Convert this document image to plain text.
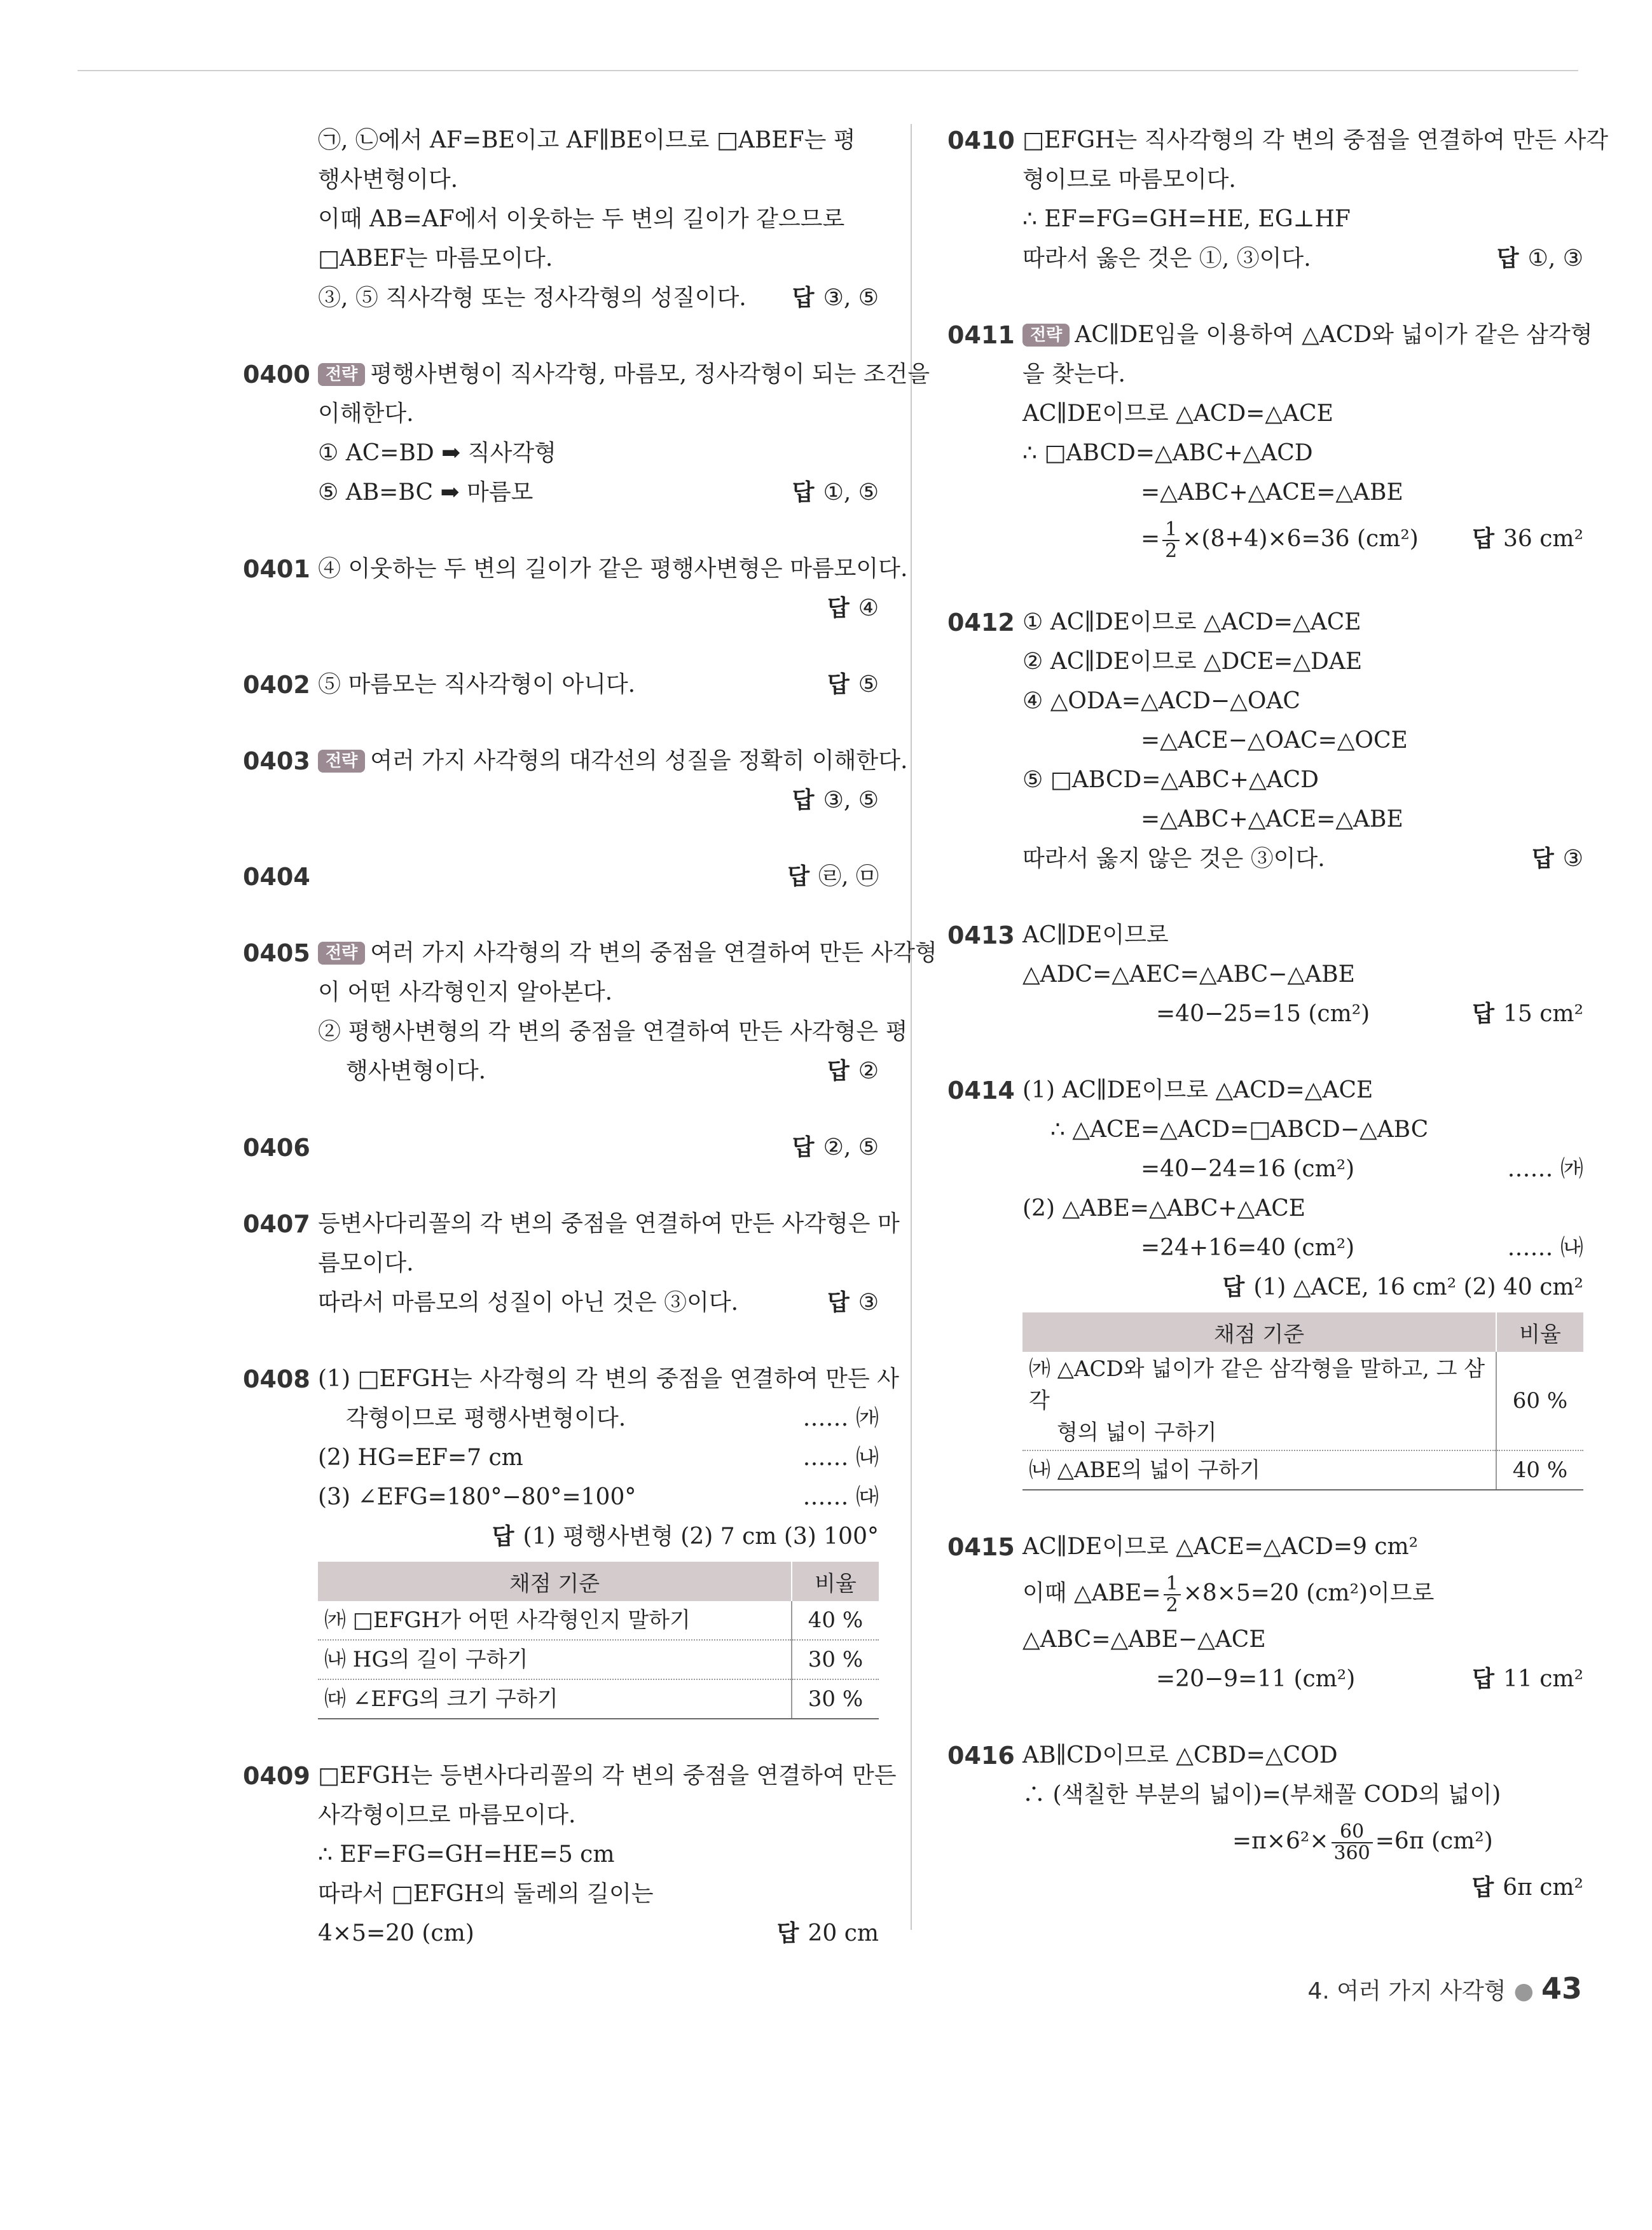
㉠, ㉡에서 AF=BE이고 AF∥BE이므로 □ABEF는 평
행사변형이다.
이때 AB=AF에서 이웃하는 두 변의 길이가 같으므로
□ABEF는 마름모이다.
③, ⑤ 직사각형 또는 정사각형의 성질이다. 답 ③, ⑤
0400 전략 평행사변형이 직사각형, 마름모, 정사각형이 되는 조건을
이해한다.
① AC=BD ➡ 직사각형
⑤ AB=BC ➡ 마름모	답 ①, ⑤
0401 ④ 이웃하는 두 변의 길이가 같은 평행사변형은 마름모이다.
답 ④
0402 ⑤ 마름모는 직사각형이 아니다.	답 ⑤
0403 전략 여러 가지 사각형의 대각선의 성질을 정확히 이해한다.
답 ③, ⑤
0404	답 ㉣, ㉤
0405 전략 여러 가지 사각형의 각 변의 중점을 연결하여 만든 사각형
이 어떤 사각형인지 알아본다.
② 평행사변형의 각 변의 중점을 연결하여 만든 사각형은 평
행사변형이다.	답 ②
0406	답 ②, ⑤
0407 등변사다리꼴의 각 변의 중점을 연결하여 만든 사각형은 마
름모이다.
따라서 마름모의 성질이 아닌 것은 ③이다.	답 ③
0408 (1) □EFGH는 사각형의 각 변의 중점을 연결하여 만든 사
각형이므로 평행사변형이다.	…… ㈎
(2) HG=EF=7 cm	…… ㈏
(3) ∠EFG=180°−80°=100°	…… ㈐
답 (1) 평행사변형 (2) 7 cm (3) 100°
채점 기준	비율
㈎ □EFGH가 어떤 사각형인지 말하기	40 %
㈏ HG의 길이 구하기	30 %
㈐ ∠EFG의 크기 구하기	30 %
0409 □EFGH는 등변사다리꼴의 각 변의 중점을 연결하여 만든
사각형이므로 마름모이다.
∴ EF=FG=GH=HE=5 cm
따라서 □EFGH의 둘레의 길이는
4×5=20 (cm)	답 20 cm
0410 □EFGH는 직사각형의 각 변의 중점을 연결하여 만든 사각
형이므로 마름모이다.
∴ EF=FG=GH=HE, EG⊥HF
따라서 옳은 것은 ①, ③이다.	답 ①, ③
0411 전략 AC∥DE임을 이용하여 △ACD와 넓이가 같은 삼각형
을 찾는다.
AC∥DE이므로 △ACD=△ACE
∴ □ABCD=△ABC+△ACD
=△ABC+△ACE=△ABE
= $\frac{1}{2} \times(8+4)\times 6=36$ (cm²) 답 36 cm²
0412 ① AC∥DE이므로 △ACD=△ACE
② AC∥DE이므로 △DCE=△DAE
④ △ODA=△ACD−△OAC
=△ACE−△OAC=△OCE
⑤ □ABCD=△ABC+△ACD
=△ABC+△ACE=△ABE
따라서 옳지 않은 것은 ③이다.	답 ③
0413 AC∥DE이므로
△ADC=△AEC=△ABC−△ABE
=40−25=15 (cm²)	답 15 cm²
0414 (1) AC∥DE이므로 △ACD=△ACE
∴ △ACE=△ACD=□ABCD−△ABC
=40−24=16 (cm²)	…… ㈎
(2) △ABE=△ABC+△ACE
=24+16=40 (cm²)	…… ㈏
답 (1) △ACE, 16 cm² (2) 40 cm²
채점 기준	비율
㈎ △ACD와 넓이가 같은 삼각형을 말하고, 그 삼각
형의 넓이 구하기	60 %
㈏ △ABE의 넓이 구하기	40 %
0415 AC∥DE이므로 △ACE=△ACD=9 cm²
이때 △ABE= $\frac{1}{2} \times 8\times 5=20$ (cm²)이므로
△ABC=△ABE−△ACE
=20−9=11 (cm²)	답 11 cm²
0416 AB∥CD이므로 △CBD=△COD
∴ (색칠한 부분의 넓이)=(부채꼴 COD의 넓이)
$=\pi\times 6^2\times \frac{60}{360} =6\pi$ (cm²)
답 6π cm²
4. 여러 가지 사각형 ● 43
